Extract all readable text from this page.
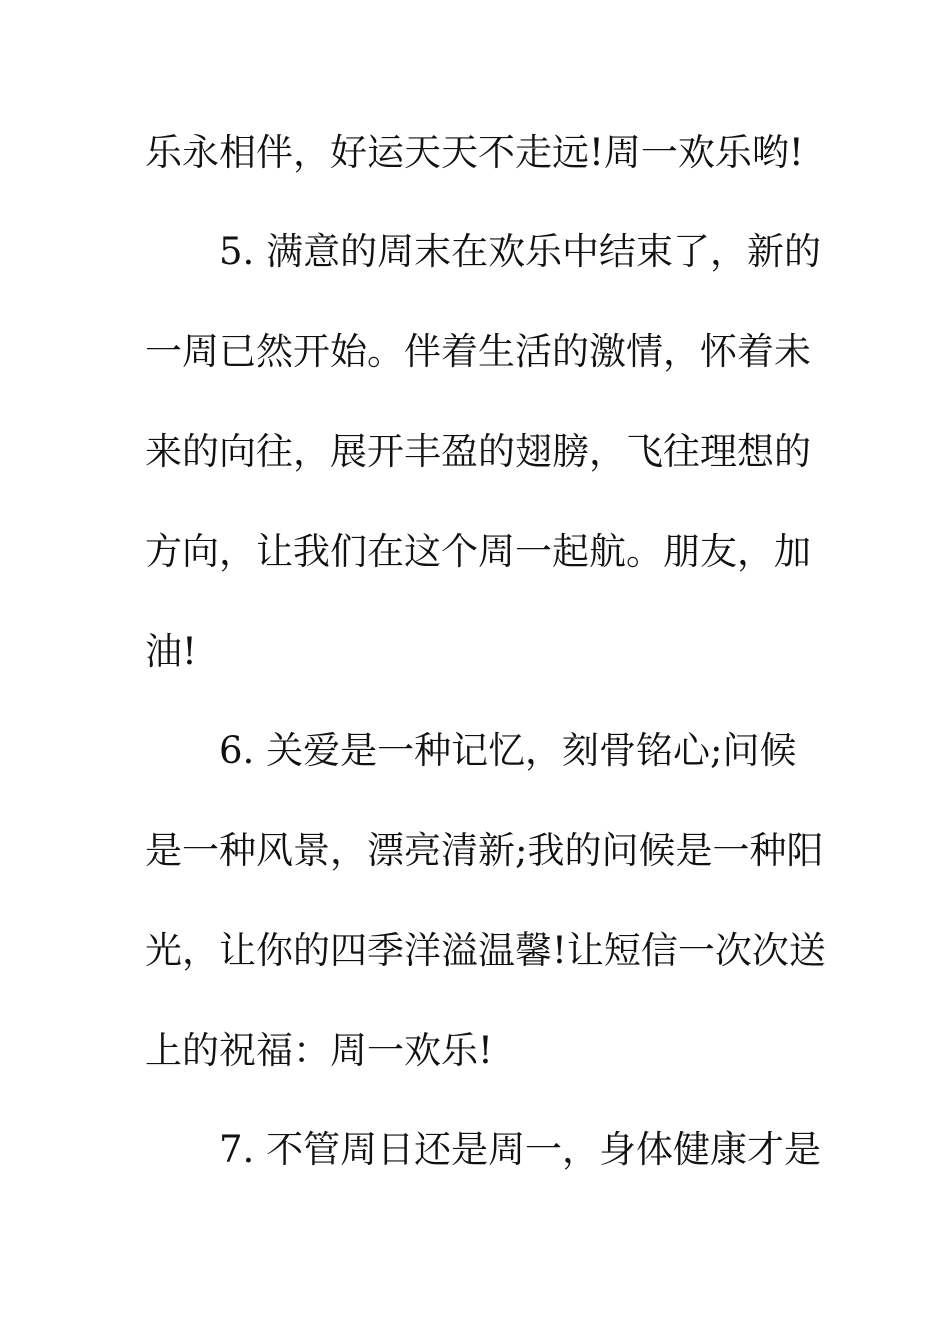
乐永相伴，好运天天不走远!周一欢乐哟!
　　5. 满意的周末在欢乐中结束了，新的
一周已然开始。伴着生活的激情，怀着未
来的向往，展开丰盈的翅膀，飞往理想的
方向，让我们在这个周一起航。朋友，加
油!
　　6. 关爱是一种记忆，刻骨铭心;问候
是一种风景，漂亮清新;我的问候是一种阳
光，让你的四季洋溢温馨!让短信一次次送
上的祝福：周一欢乐!
　　7. 不管周日还是周一，身体健康才是
